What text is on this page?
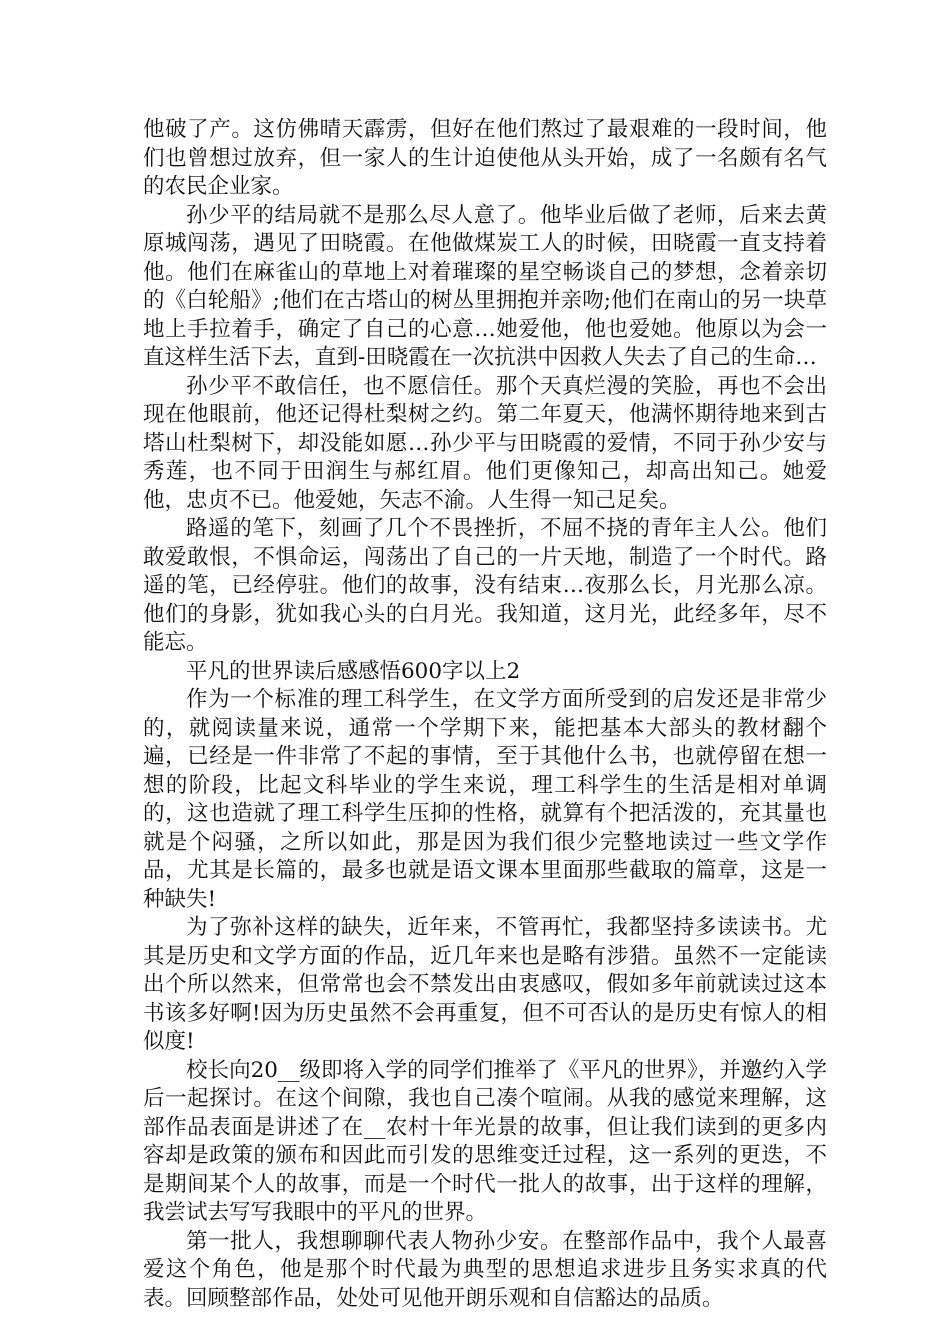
他破了产。这仿佛晴天霹雳，但好在他们熬过了最艰难的一段时间，他们也曾想过放弃，但一家人的生计迫使他从头开始，成了一名颇有名气的农民企业家。

孙少平的结局就不是那么尽人意了。他毕业后做了老师，后来去黄原城闯荡，遇见了田晓霞。在他做煤炭工人的时候，田晓霞一直支持着他。他们在麻雀山的草地上对着璀璨的星空畅谈自己的梦想，念着亲切的《白轮船》;他们在古塔山的树丛里拥抱并亲吻;他们在南山的另一块草地上手拉着手，确定了自己的心意…她爱他，他也爱她。他原以为会一直这样生活下去，直到-田晓霞在一次抗洪中因救人失去了自己的生命…

孙少平不敢信任，也不愿信任。那个天真烂漫的笑脸，再也不会出现在他眼前，他还记得杜梨树之约。第二年夏天，他满怀期待地来到古塔山杜梨树下，却没能如愿…孙少平与田晓霞的爱情，不同于孙少安与秀莲，也不同于田润生与郝红眉。他们更像知己，却高出知己。她爱他，忠贞不已。他爱她，矢志不渝。人生得一知己足矣。

路遥的笔下，刻画了几个不畏挫折，不屈不挠的青年主人公。他们敢爱敢恨，不惧命运，闯荡出了自己的一片天地，制造了一个时代。路遥的笔，已经停驻。他们的故事，没有结束…夜那么长，月光那么凉。他们的身影，犹如我心头的白月光。我知道，这月光，此经多年，尽不能忘。

平凡的世界读后感感悟600字以上2

作为一个标准的理工科学生，在文学方面所受到的启发还是非常少的，就阅读量来说，通常一个学期下来，能把基本大部头的教材翻个遍，已经是一件非常了不起的事情，至于其他什么书，也就停留在想一想的阶段，比起文科毕业的学生来说，理工科学生的生活是相对单调的，这也造就了理工科学生压抑的性格，就算有个把活泼的，充其量也就是个闷骚，之所以如此，那是因为我们很少完整地读过一些文学作品，尤其是长篇的，最多也就是语文课本里面那些截取的篇章，这是一种缺失!

为了弥补这样的缺失，近年来，不管再忙，我都坚持多读读书。尤其是历史和文学方面的作品，近几年来也是略有涉猎。虽然不一定能读出个所以然来，但常常也会不禁发出由衷感叹，假如多年前就读过这本书该多好啊!因为历史虽然不会再重复，但不可否认的是历史有惊人的相似度!

校长向20__级即将入学的同学们推举了《平凡的世界》，并邀约入学后一起探讨。在这个间隙，我也自己凑个喧闹。从我的感觉来理解，这部作品表面是讲述了在__农村十年光景的故事，但让我们读到的更多内容却是政策的颁布和因此而引发的思维变迁过程，这一系列的更迭，不是期间某个人的故事，而是一个时代一批人的故事，出于这样的理解，我尝试去写写我眼中的平凡的世界。

第一批人，我想聊聊代表人物孙少安。在整部作品中，我个人最喜爱这个角色，他是那个时代最为典型的思想追求进步且务实求真的代表。回顾整部作品，处处可见他开朗乐观和自信豁达的品质。
